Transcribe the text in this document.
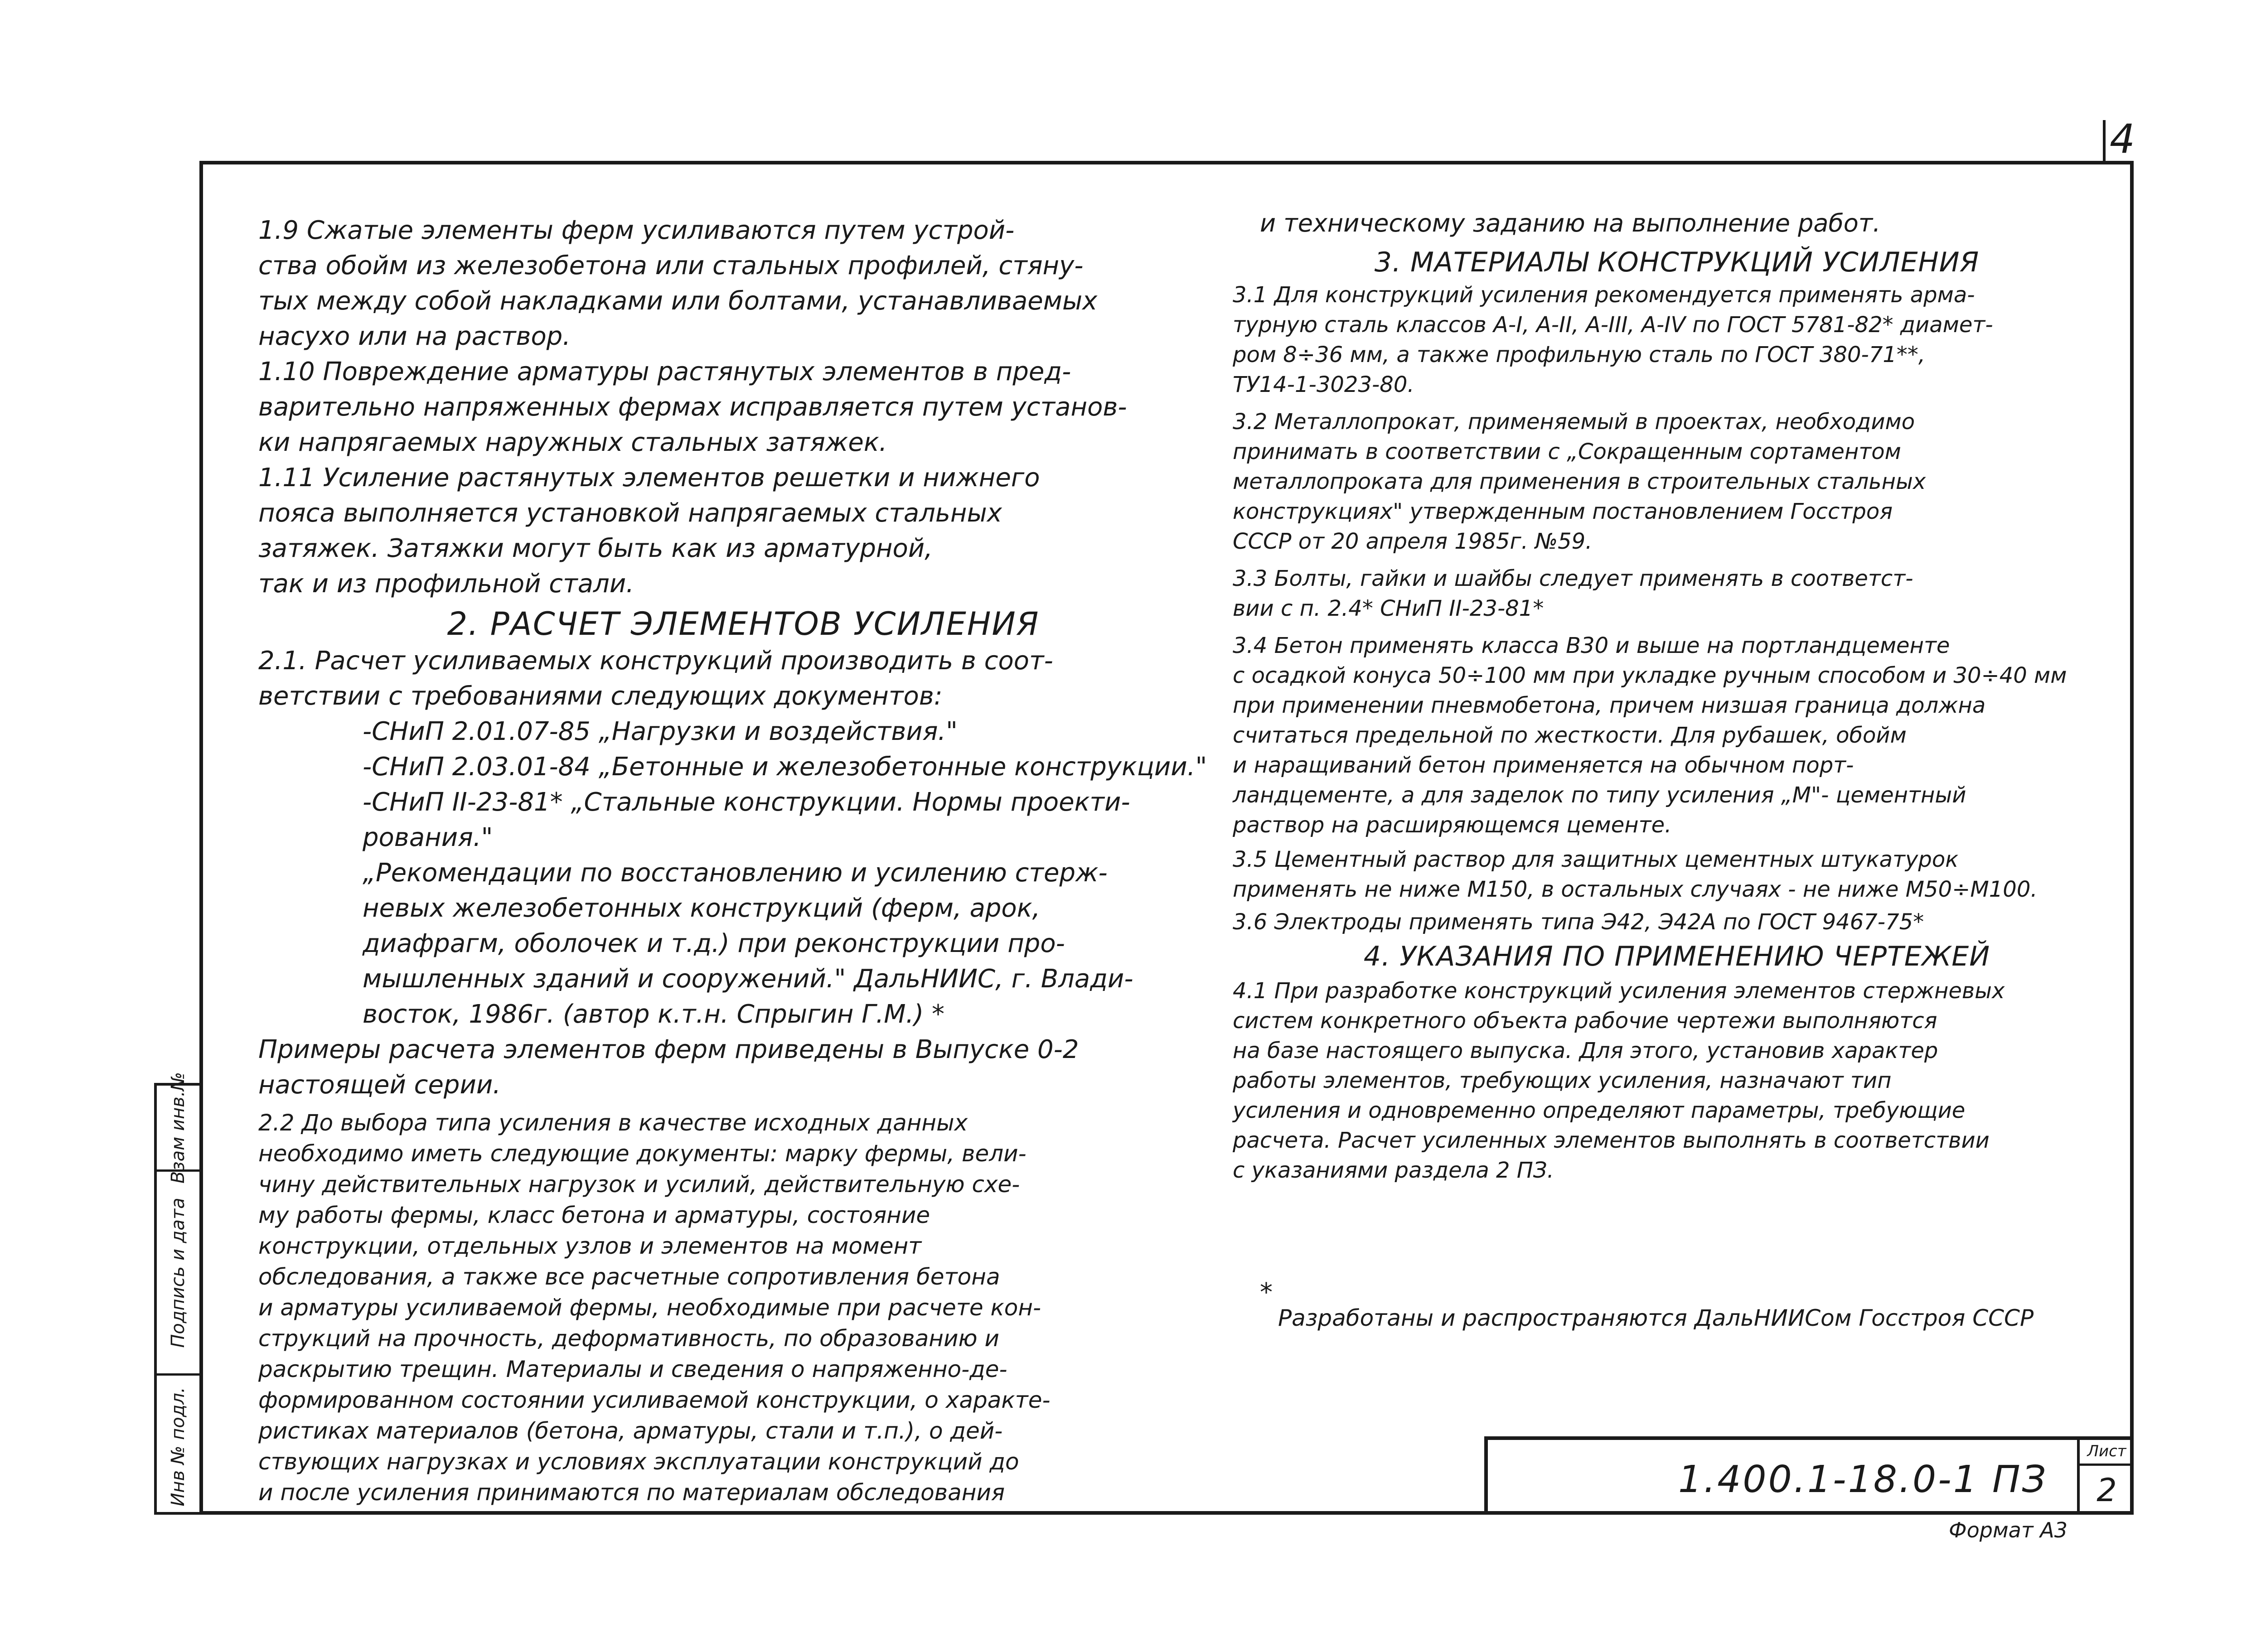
4
Взам инв.№
Подпись и дата
Инв № подл.
1.9 Сжатые элементы ферм усиливаются путем устрой-
ства обойм из железобетона или стальных профилей, стяну-
тых между собой накладками или болтами, устанавливаемых
насухо или на раствор.
1.10 Повреждение арматуры растянутых элементов в пред-
варительно напряженных фермах исправляется путем установ-
ки напрягаемых наружных стальных затяжек.
1.11 Усиление растянутых элементов решетки и нижнего
пояса выполняется установкой напрягаемых стальных
затяжек. Затяжки могут быть как из арматурной,
так и из профильной стали.
2. РАСЧЕТ ЭЛЕМЕНТОВ УСИЛЕНИЯ
2.1. Расчет усиливаемых конструкций производить в соот-
ветствии с требованиями следующих документов:
-СНиП 2.01.07-85 „Нагрузки и воздействия."
-СНиП 2.03.01-84 „Бетонные и железобетонные конструкции."
-СНиП II-23-81* „Стальные конструкции. Нормы проекти-
рования."
„Рекомендации по восстановлению и усилению стерж-
невых железобетонных конструкций (ферм, арок,
диафрагм, оболочек и т.д.) при реконструкции про-
мышленных зданий и сооружений." ДальНИИС, г. Влади-
восток, 1986г. (автор к.т.н. Спрыгин Г.М.) *
Примеры расчета элементов ферм приведены в Выпуске 0-2
настоящей серии.
2.2 До выбора типа усиления в качестве исходных данных
необходимо иметь следующие документы: марку фермы, вели-
чину действительных нагрузок и усилий, действительную схе-
му работы фермы, класс бетона и арматуры, состояние
конструкции, отдельных узлов и элементов на момент
обследования, а также все расчетные сопротивления бетона
и арматуры усиливаемой фермы, необходимые при расчете кон-
струкций на прочность, деформативность, по образованию и
раскрытию трещин. Материалы и сведения о напряженно-де-
формированном состоянии усиливаемой конструкции, о характе-
ристиках материалов (бетона, арматуры, стали и т.п.), о дей-
ствующих нагрузках и условиях эксплуатации конструкций до
и после усиления принимаются по материалам обследования
и техническому заданию на выполнение работ.
3. МАТЕРИАЛЫ КОНСТРУКЦИЙ УСИЛЕНИЯ
3.1 Для конструкций усиления рекомендуется применять арма-
турную сталь классов А-I, А-II, А-III, А-IV по ГОСТ 5781-82* диамет-
ром 8÷36 мм, а также профильную сталь по ГОСТ 380-71**,
ТУ14-1-3023-80.
3.2 Металлопрокат, применяемый в проектах, необходимо
принимать в соответствии с „Сокращенным сортаментом
металлопроката для применения в строительных стальных
конструкциях" утвержденным постановлением Госстроя
СССР от 20 апреля 1985г. №59.
3.3 Болты, гайки и шайбы следует применять в соответст-
вии с п. 2.4* СНиП II-23-81*
3.4 Бетон применять класса В30 и выше на портландцементе
с осадкой конуса 50÷100 мм при укладке ручным способом и 30÷40 мм
при применении пневмобетона, причем низшая граница должна
считаться предельной по жесткости. Для рубашек, обойм
и наращиваний бетон применяется на обычном порт-
ландцементе, а для заделок по типу усиления „М"- цементный
раствор на расширяющемся цементе.
3.5 Цементный раствор для защитных цементных штукатурок
применять не ниже М150, в остальных случаях - не ниже М50÷М100.
3.6 Электроды применять типа Э42, Э42А по ГОСТ 9467-75*
4. УКАЗАНИЯ ПО ПРИМЕНЕНИЮ ЧЕРТЕЖЕЙ
4.1 При разработке конструкций усиления элементов стержневых
систем конкретного объекта рабочие чертежи выполняются
на базе настоящего выпуска. Для этого, установив характер
работы элементов, требующих усиления, назначают тип
усиления и одновременно определяют параметры, требующие
расчета. Расчет усиленных элементов выполнять в соответствии
с указаниями раздела 2 ПЗ.
*
Разработаны и распространяются ДальНИИСом Госстроя СССР
1.400.1-18.0-1 ПЗ
Лист
2
Формат А3
